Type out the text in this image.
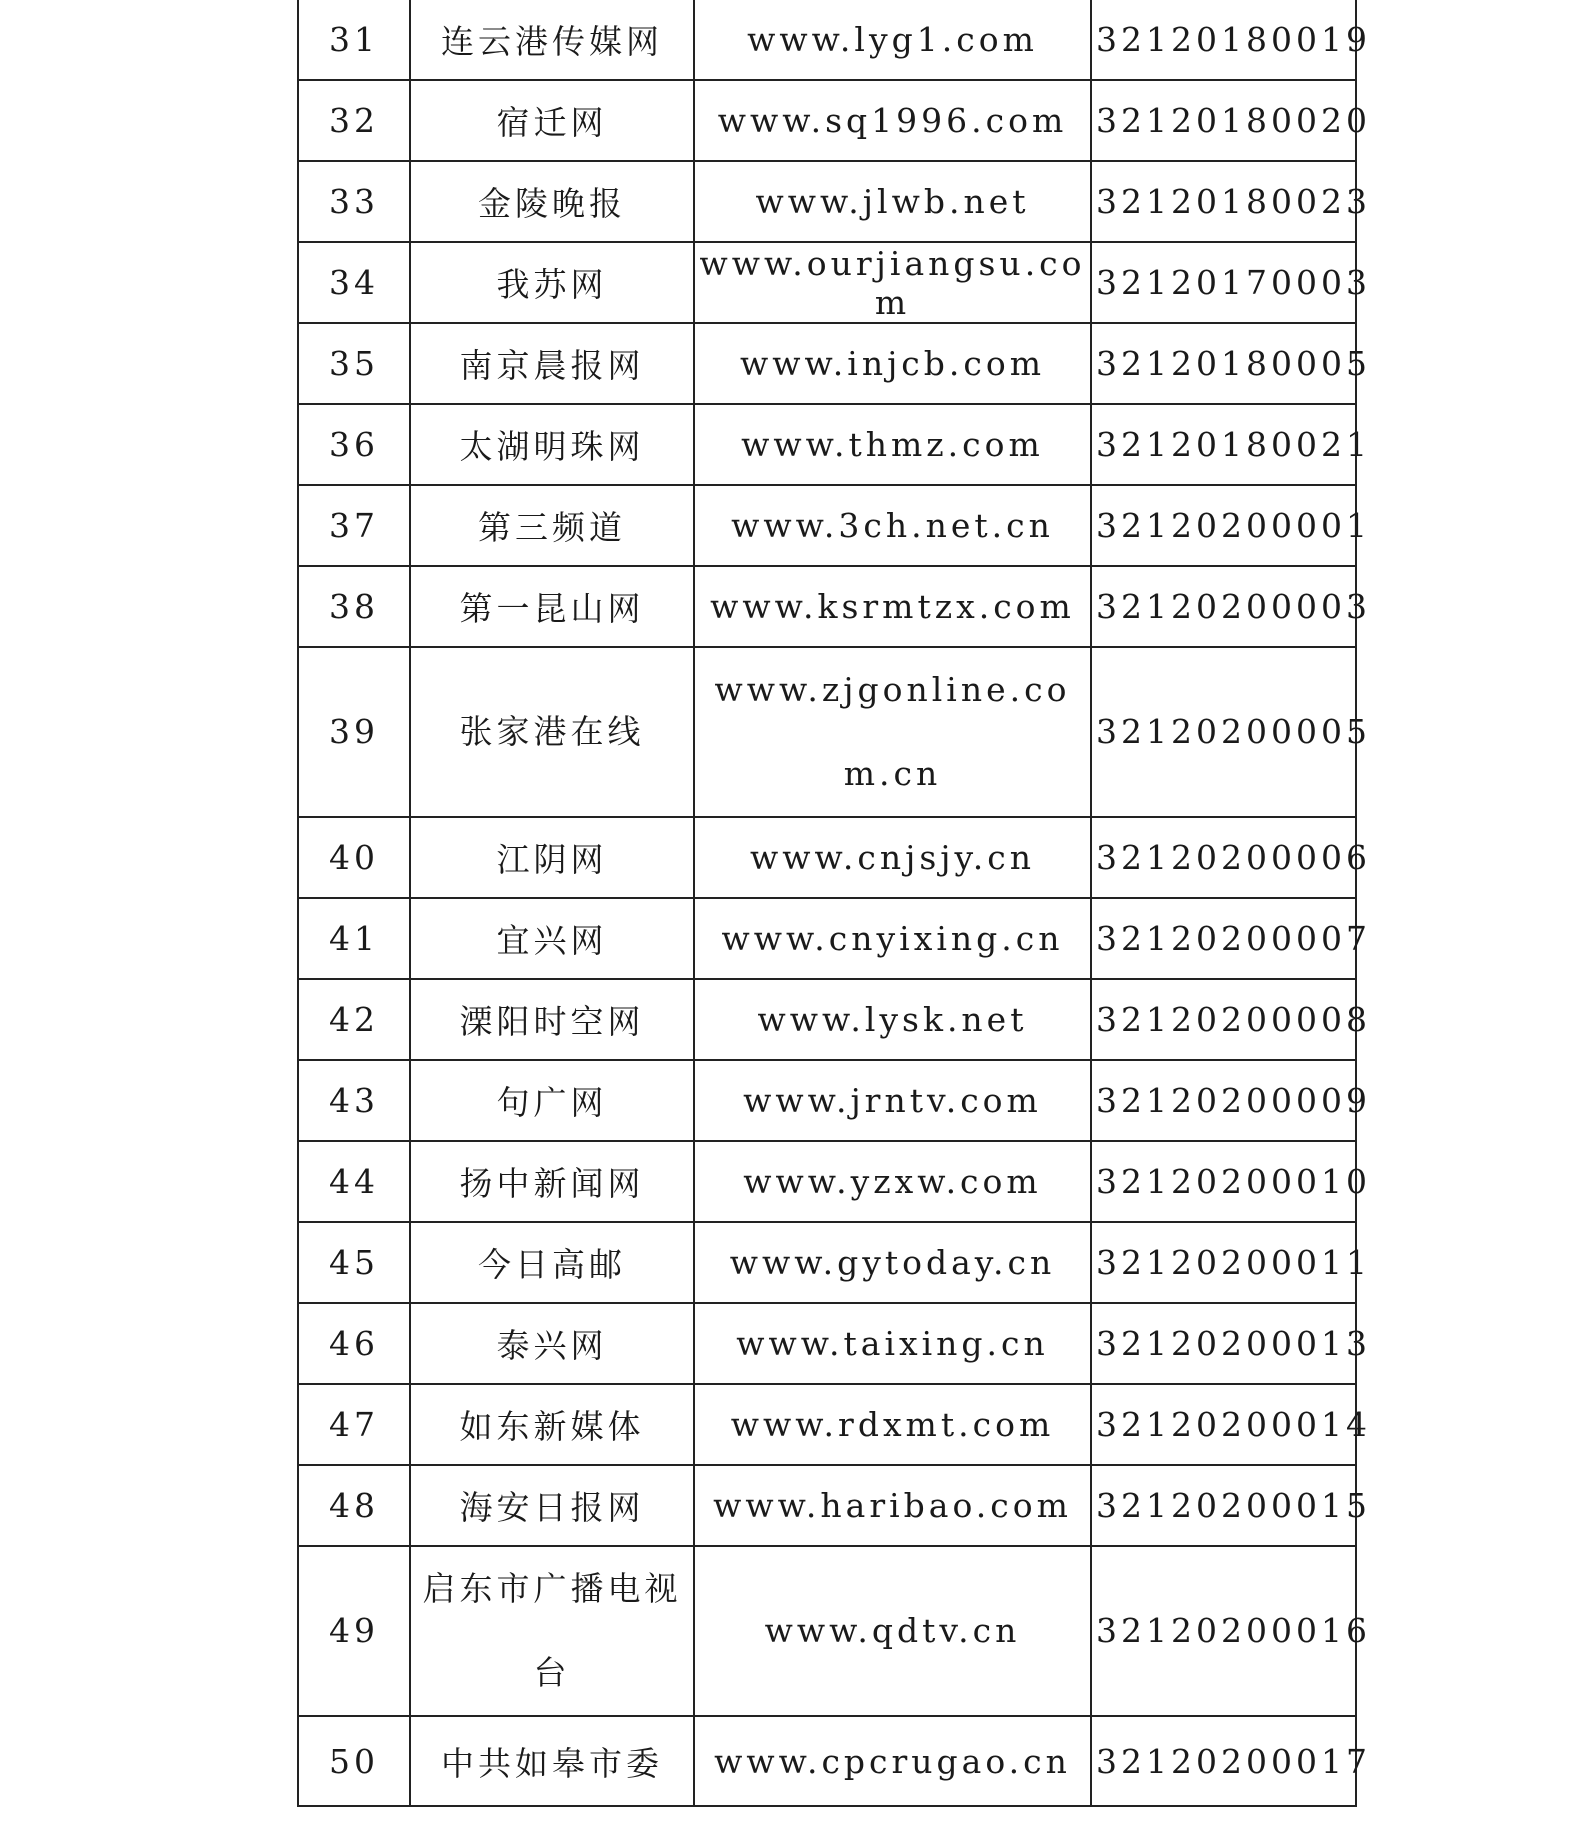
31	连云港传媒网	www.lyg1.com	32120180019
32	宿迁网	www.sq1996.com	32120180020
33	金陵晚报	www.jlwb.net	32120180023
34	我苏网	www.ourjiangsu.com	32120170003
35	南京晨报网	www.injcb.com	32120180005
36	太湖明珠网	www.thmz.com	32120180021
37	第三频道	www.3ch.net.cn	32120200001
38	第一昆山网	www.ksrmtzx.com	32120200003
39	张家港在线	www.zjgonline.com.cn	32120200005
40	江阴网	www.cnjsjy.cn	32120200006
41	宜兴网	www.cnyixing.cn	32120200007
42	溧阳时空网	www.lysk.net	32120200008
43	句广网	www.jrntv.com	32120200009
44	扬中新闻网	www.yzxw.com	32120200010
45	今日高邮	www.gytoday.cn	32120200011
46	泰兴网	www.taixing.cn	32120200013
47	如东新媒体	www.rdxmt.com	32120200014
48	海安日报网	www.haribao.com	32120200015
49	启东市广播电视台	www.qdtv.cn	32120200016
50	中共如皋市委	www.cpcrugao.cn	32120200017
